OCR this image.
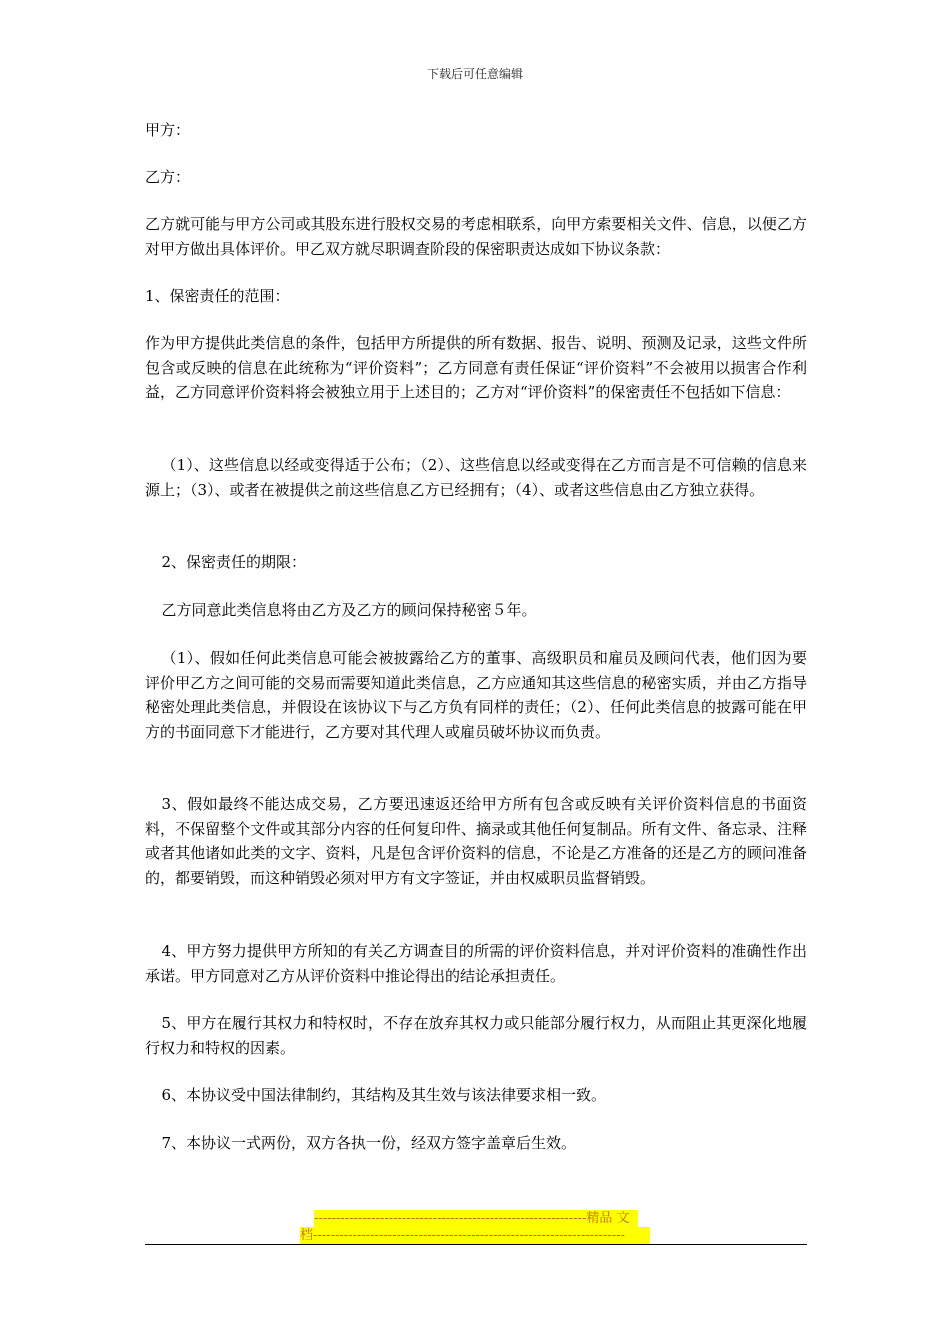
下载后可任意编辑

甲方：

乙方：

乙方就可能与甲方公司或其股东进行股权交易的考虑相联系，向甲方索要相关文件、信息，以便乙方对甲方做出具体评价。甲乙双方就尽职调查阶段的保密职责达成如下协议条款：

1、保密责任的范围：

作为甲方提供此类信息的条件，包括甲方所提供的所有数据、报告、说明、预测及记录，这些文件所包含或反映的信息在此统称为“评价资料”；乙方同意有责任保证“评价资料”不会被用以损害合作利益，乙方同意评价资料将会被独立用于上述目的；乙方对“评价资料”的保密责任不包括如下信息：

（1）、这些信息以经或变得适于公布；（2）、这些信息以经或变得在乙方而言是不可信赖的信息来源上；（3）、或者在被提供之前这些信息乙方已经拥有；（4）、或者这些信息由乙方独立获得。

2、保密责任的期限：

乙方同意此类信息将由乙方及乙方的顾问保持秘密５年。

（1）、假如任何此类信息可能会被披露给乙方的董事、高级职员和雇员及顾问代表，他们因为要评价甲乙方之间可能的交易而需要知道此类信息，乙方应通知其这些信息的秘密实质，并由乙方指导秘密处理此类信息，并假设在该协议下与乙方负有同样的责任；（2）、任何此类信息的披露可能在甲方的书面同意下才能进行，乙方要对其代理人或雇员破坏协议而负责。

3、假如最终不能达成交易，乙方要迅速返还给甲方所有包含或反映有关评价资料信息的书面资料，不保留整个文件或其部分内容的任何复印件、摘录或其他任何复制品。所有文件、备忘录、注释或者其他诸如此类的文字、资料，凡是包含评价资料的信息，不论是乙方准备的还是乙方的顾问准备的，都要销毁，而这种销毁必须对甲方有文字签证，并由权威职员监督销毁。

4、甲方努力提供甲方所知的有关乙方调查目的所需的评价资料信息，并对评价资料的准确性作出承诺。甲方同意对乙方从评价资料中推论得出的结论承担责任。

5、甲方在履行其权力和特权时，不存在放弃其权力或只能部分履行权力，从而阻止其更深化地履行权力和特权的因素。

6、本协议受中国法律制约，其结构及其生效与该法律要求相一致。

7、本协议一式两份，双方各执一份，经双方签字盖章后生效。

--------------------------------------------------------------精品 文
档-----------------------------------------------------------------------
